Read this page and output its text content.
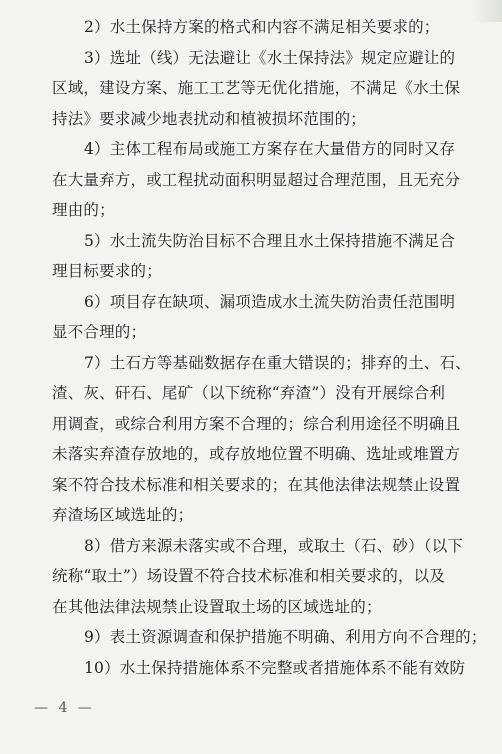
2）水土保持方案的格式和内容不满足相关要求的；

3）选址（线）无法避让《水土保持法》规定应避让的
区域，建设方案、施工工艺等无优化措施，不满足《水土保
持法》要求减少地表扰动和植被损坏范围的；

4）主体工程布局或施工方案存在大量借方的同时又存
在大量弃方，或工程扰动面积明显超过合理范围，且无充分
理由的；

5）水土流失防治目标不合理且水土保持措施不满足合
理目标要求的；

6）项目存在缺项、漏项造成水土流失防治责任范围明
显不合理的；

7）土石方等基础数据存在重大错误的；排弃的土、石、
渣、灰、矸石、尾矿（以下统称“弃渣”）没有开展综合利
用调查，或综合利用方案不合理的；综合利用途径不明确且
未落实弃渣存放地的，或存放地位置不明确、选址或堆置方
案不符合技术标准和相关要求的；在其他法律法规禁止设置
弃渣场区域选址的；

8）借方来源未落实或不合理，或取土（石、砂）（以下
统称“取土”）场设置不符合技术标准和相关要求的，以及
在其他法律法规禁止设置取土场的区域选址的；

9）表土资源调查和保护措施不明确、利用方向不合理的；

10）水土保持措施体系不完整或者措施体系不能有效防

— 4 —
